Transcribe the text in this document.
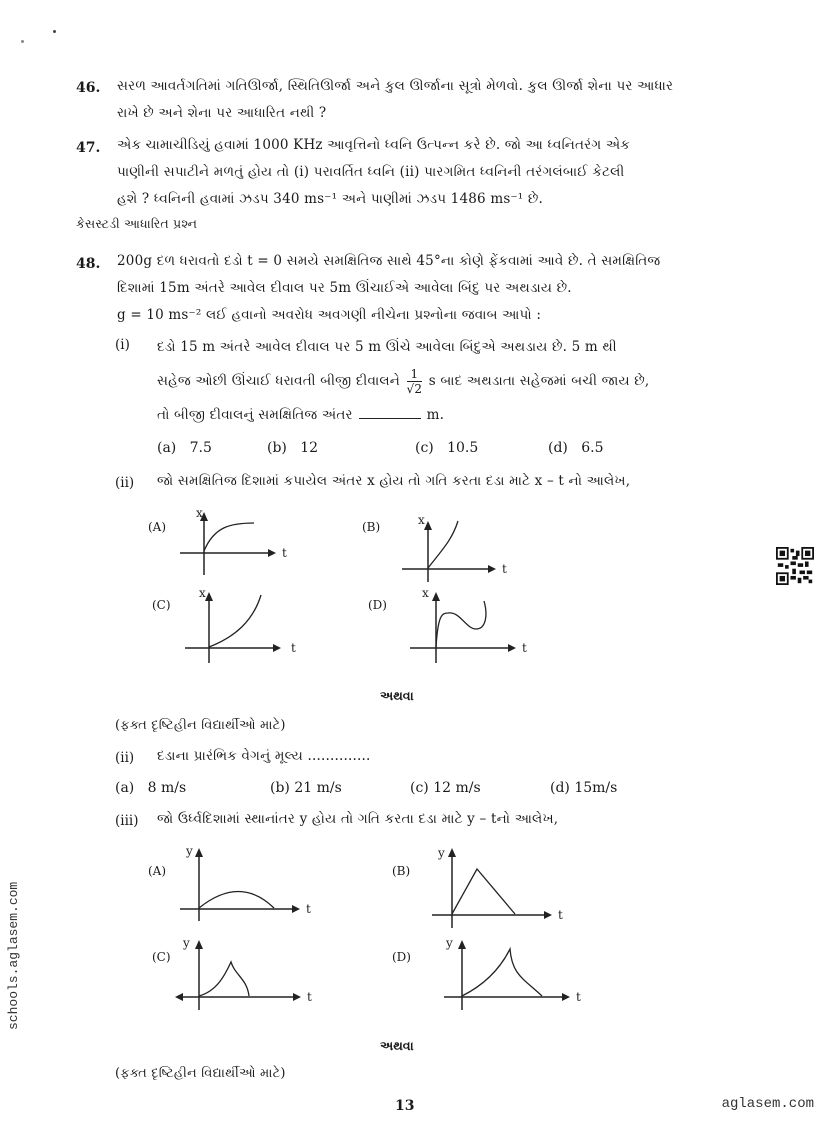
46. સરળ આવર્તગતિમાં ગતિઊર્જા, સ્થિતિઊર્જા અને કુલ ઊર્જાના સૂત્રો મેળવો. કુલ ઊર્જા શેના પર આધાર
રાખે છે અને શેના પર આધારિત નથી ?
47. એક ચામાચીડિયું હવામાં 1000 KHz આવૃત્તિનો ધ્વનિ ઉત્પન્ન કરે છે. જો આ ધ્વનિતરંગ એક
પાણીની સપાટીને મળતું હોય તો (i) પરાવર્તિત ધ્વનિ (ii) પારગમિત ધ્વનિની તરંગલંબાઈ કેટલી
હશે ? ધ્વનિની હવામાં ઝડપ 340 ms⁻¹ અને પાણીમાં ઝડપ 1486 ms⁻¹ છે.
કેસસ્ટડી આધારિત પ્રશ્ન
48. 200g દળ ધરાવતો દડો t = 0 સમયે સમક્ષિતિજ સાથે 45°ના કોણે ફેંકવામાં આવે છે. તે સમક્ષિતિજ
દિશામાં 15m અંતરે આવેલ દીવાલ પર 5m ઊંચાઈએ આવેલા બિંદુ પર અથડાય છે.
g = 10 ms⁻² લઈ હવાનો અવરોધ અવગણી નીચેના પ્રશ્નોના જવાબ આપો :
(i) દડો 15 m અંતરે આવેલ દીવાલ પર 5 m ઊંચે આવેલા બિંદુએ અથડાય છે. 5 m થી
સહેજ ઓછી ઊંચાઈ ધરાવતી બીજી દીવાલને $\frac{1}{√2}$ s બાદ અથડાતા સહેજમાં બચી જાય છે,
તો બીજી દીવાલનું સમક્ષિતિજ અંતર	m.
(a)   7.5	(b)   12	(c)   10.5	(d)   6.5
(ii) જો સમક્ષિતિજ દિશામાં કપાયેલ અંતર x હોય તો ગતિ કરતા દડા માટે x – t નો આલેખ,
(A)
x
t
(B)	x
t
(C)
x
t
(D)
x
t
અથવા
(ફક્ત દૃષ્ટિહીન વિદ્યાર્થીઓ માટે)
(ii) દડાના પ્રારંભિક વેગનું મૂલ્ય ..............
(a)   8 m/s	(b) 21 m/s	(c) 12 m/s	(d) 15m/s
(iii) જો ઉર્ધ્વદિશામાં સ્થાનાંતર y હોય તો ગતિ કરતા દડા માટે y – tનો આલેખ,
(A)
y
t
(B)
y
t
(C)
y
t
(D)
y
t
અથવા
(ફક્ત દૃષ્ટિહીન વિદ્યાર્થીઓ માટે)
schools.aglasem.com
13	aglasem.com
